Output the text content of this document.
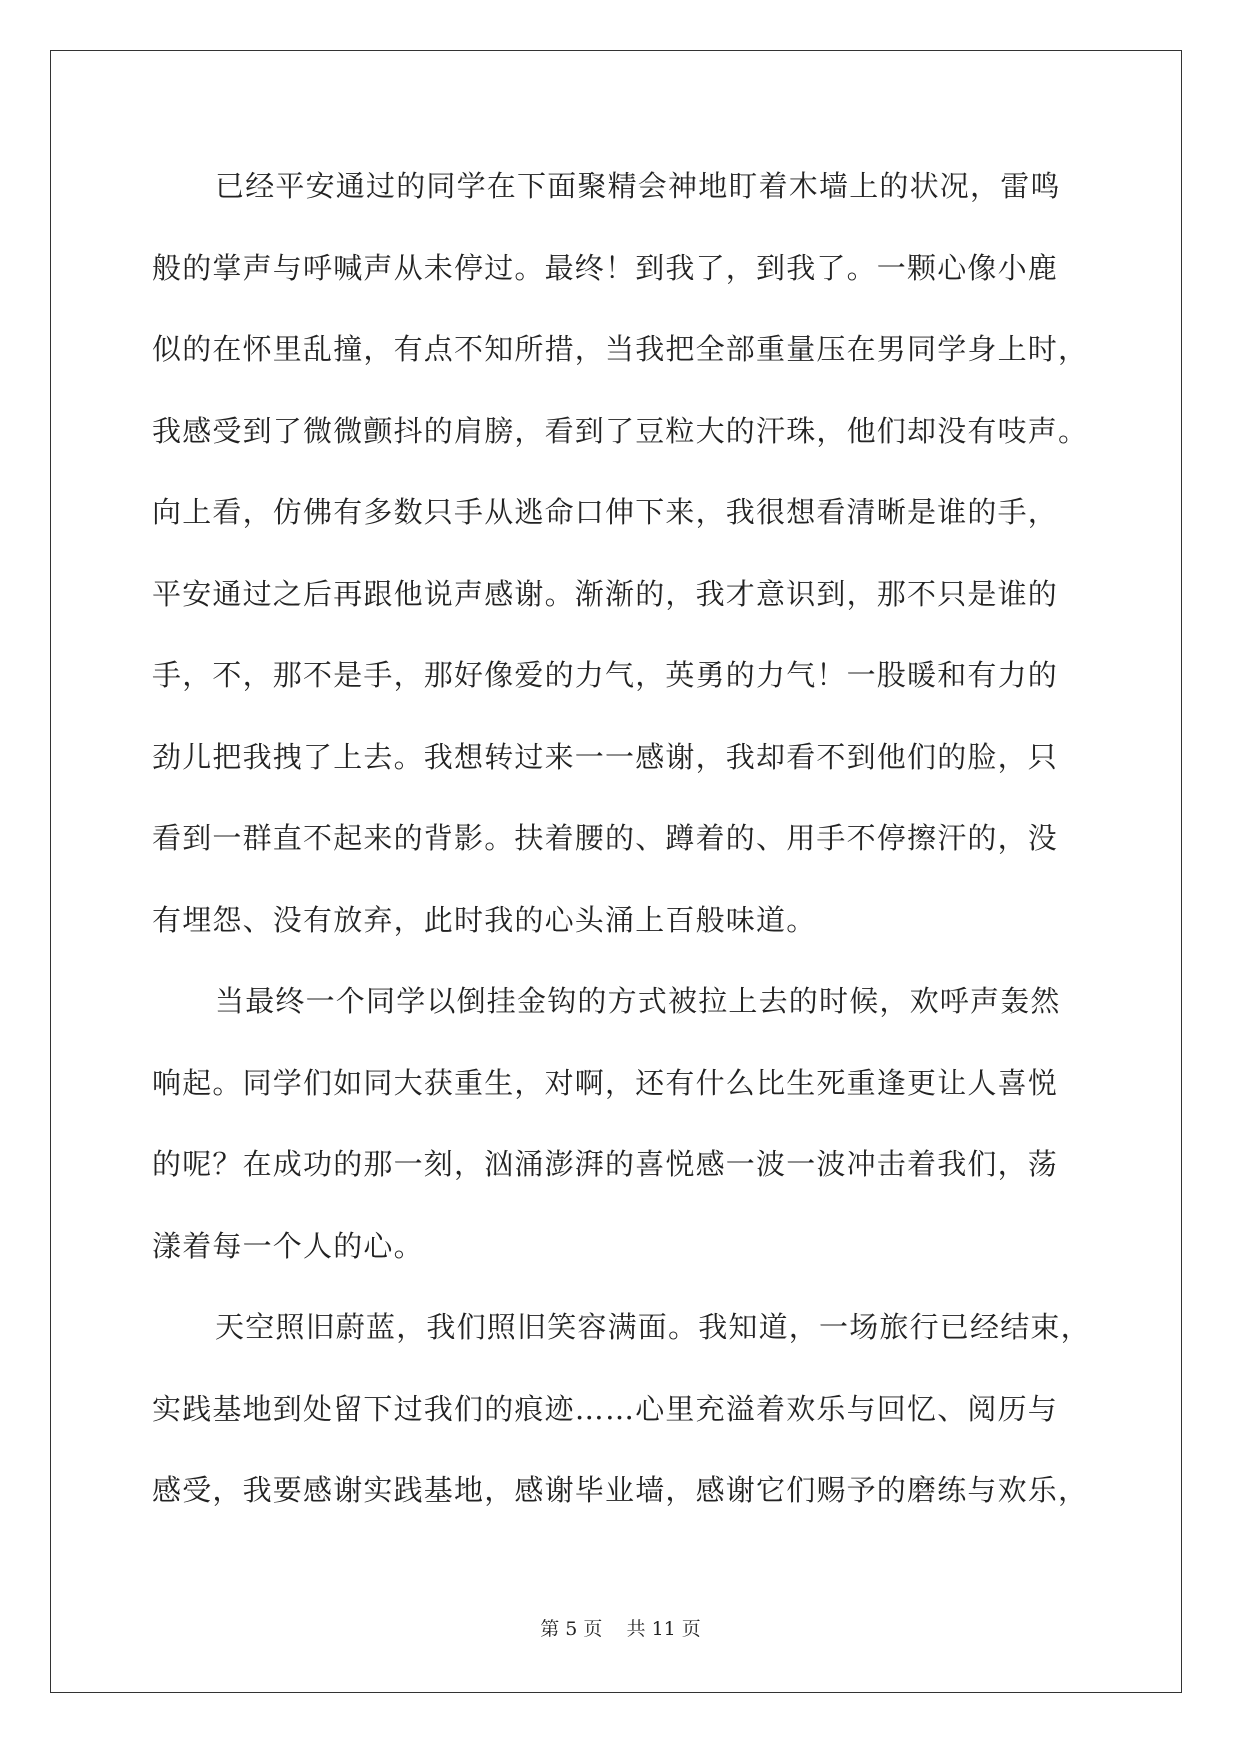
已经平安通过的同学在下面聚精会神地盯着木墙上的状况，雷鸣
般的掌声与呼喊声从未停过。最终！到我了，到我了。一颗心像小鹿
似的在怀里乱撞，有点不知所措，当我把全部重量压在男同学身上时，
我感受到了微微颤抖的肩膀，看到了豆粒大的汗珠，他们却没有吱声。
向上看，仿佛有多数只手从逃命口伸下来，我很想看清晰是谁的手，
平安通过之后再跟他说声感谢。渐渐的，我才意识到，那不只是谁的
手，不，那不是手，那好像爱的力气，英勇的力气！一股暖和有力的
劲儿把我拽了上去。我想转过来一一感谢，我却看不到他们的脸，只
看到一群直不起来的背影。扶着腰的、蹲着的、用手不停擦汗的，没
有埋怨、没有放弃，此时我的心头涌上百般味道。
当最终一个同学以倒挂金钩的方式被拉上去的时候，欢呼声轰然
响起。同学们如同大获重生，对啊，还有什么比生死重逢更让人喜悦
的呢？在成功的那一刻，汹涌澎湃的喜悦感一波一波冲击着我们，荡
漾着每一个人的心。
天空照旧蔚蓝，我们照旧笑容满面。我知道，一场旅行已经结束，
实践基地到处留下过我们的痕迹……心里充溢着欢乐与回忆、阅历与
感受，我要感谢实践基地，感谢毕业墙，感谢它们赐予的磨练与欢乐，
第 5 页    共 11 页
